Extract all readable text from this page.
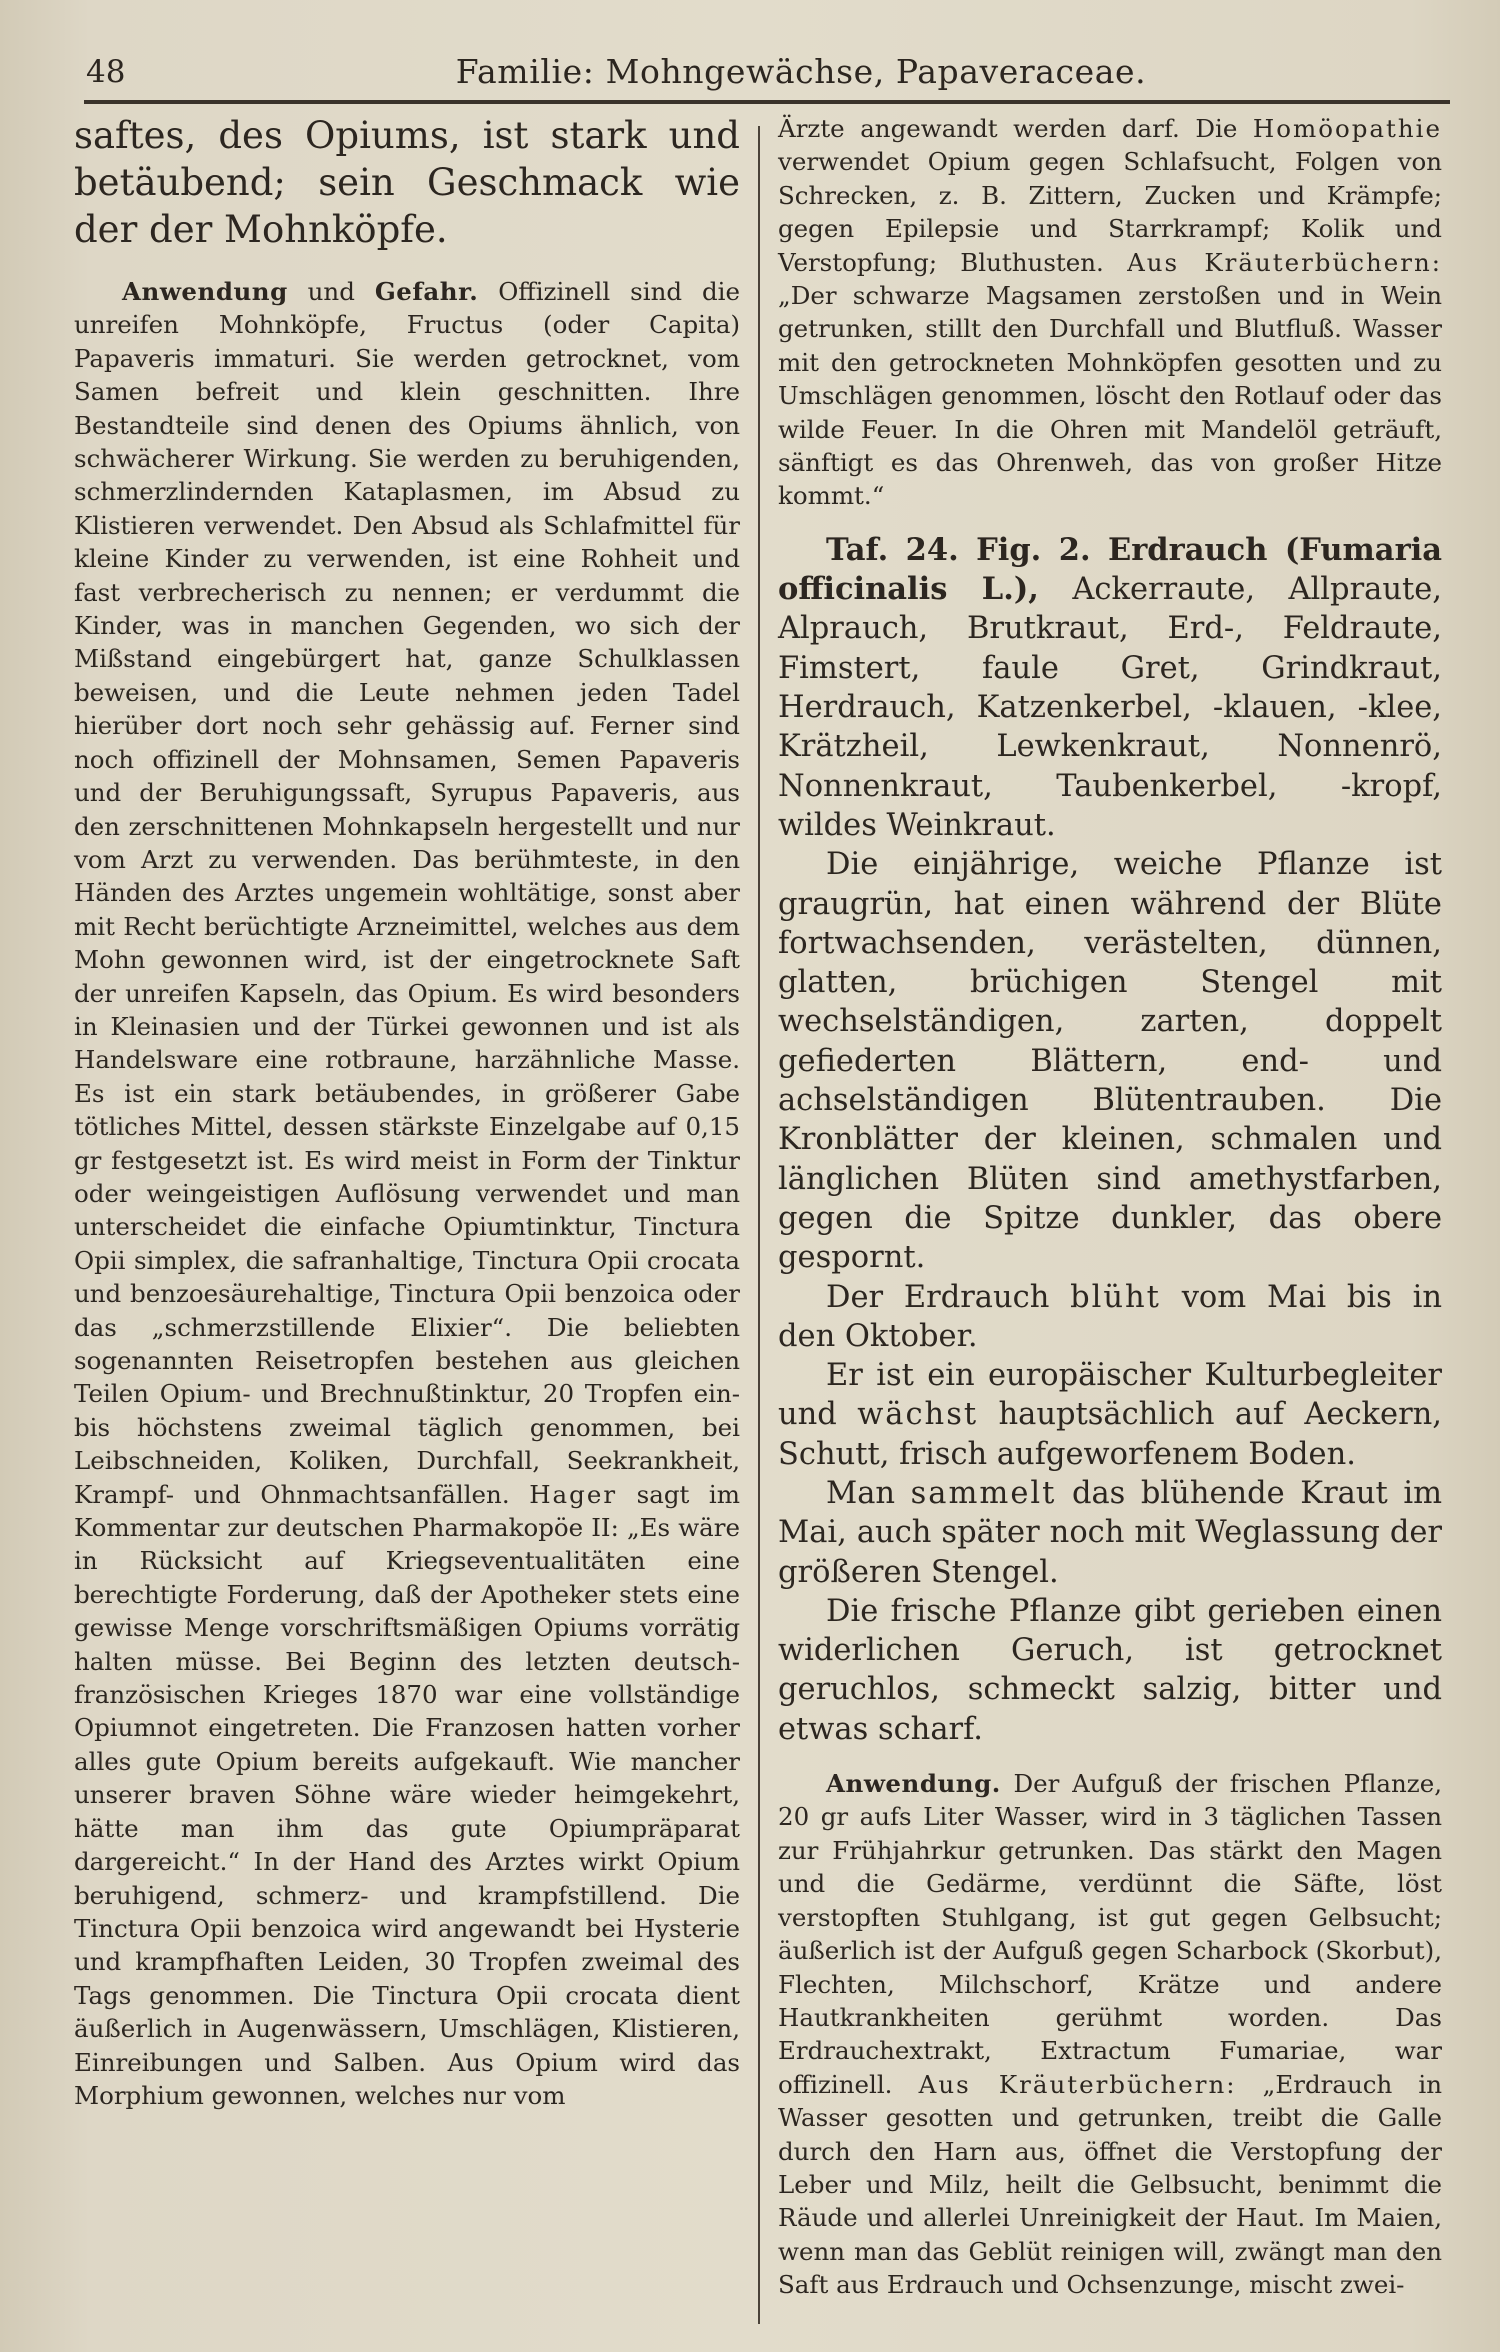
48	Familie: Mohngewächse, Papaveraceae.

saftes, des Opiums, ist stark und betäubend; sein Geschmack wie der der Mohnköpfe.

Anwendung und Gefahr. Offizinell sind die unreifen Mohnköpfe, Fructus (oder Capita) Papaveris immaturi. Sie werden getrocknet, vom Samen befreit und klein geschnitten. Ihre Bestandteile sind denen des Opiums ähnlich, von schwächerer Wirkung. Sie werden zu beruhigenden, schmerzlindernden Kataplasmen, im Absud zu Klistieren verwendet. Den Absud als Schlafmittel für kleine Kinder zu verwenden, ist eine Rohheit und fast verbrecherisch zu nennen; er verdummt die Kinder, was in manchen Gegenden, wo sich der Mißstand eingebürgert hat, ganze Schulklassen beweisen, und die Leute nehmen jeden Tadel hierüber dort noch sehr gehässig auf. Ferner sind noch offizinell der Mohnsamen, Semen Papaveris und der Beruhigungssaft, Syrupus Papaveris, aus den zerschnittenen Mohnkapseln hergestellt und nur vom Arzt zu verwenden. Das berühmteste, in den Händen des Arztes ungemein wohltätige, sonst aber mit Recht berüchtigte Arzneimittel, welches aus dem Mohn gewonnen wird, ist der eingetrocknete Saft der unreifen Kapseln, das Opium. Es wird besonders in Kleinasien und der Türkei gewonnen und ist als Handelsware eine rotbraune, harzähnliche Masse. Es ist ein stark betäubendes, in größerer Gabe tötliches Mittel, dessen stärkste Einzelgabe auf 0,15 gr festgesetzt ist. Es wird meist in Form der Tinktur oder weingeistigen Auflösung verwendet und man unterscheidet die einfache Opiumtinktur, Tinctura Opii simplex, die safranhaltige, Tinctura Opii crocata und benzoesäurehaltige, Tinctura Opii benzoica oder das „schmerzstillende Elixier“. Die beliebten sogenannten Reisetropfen bestehen aus gleichen Teilen Opium- und Brechnußtinktur, 20 Tropfen ein- bis höchstens zweimal täglich genommen, bei Leibschneiden, Koliken, Durchfall, Seekrankheit, Krampf- und Ohnmachtsanfällen. Hager sagt im Kommentar zur deutschen Pharmakopöe II: „Es wäre in Rücksicht auf Kriegseventualitäten eine berechtigte Forderung, daß der Apotheker stets eine gewisse Menge vorschriftsmäßigen Opiums vorrätig halten müsse. Bei Beginn des letzten deutsch-französischen Krieges 1870 war eine vollständige Opiumnot eingetreten. Die Franzosen hatten vorher alles gute Opium bereits aufgekauft. Wie mancher unserer braven Söhne wäre wieder heimgekehrt, hätte man ihm das gute Opiumpräparat dargereicht.“ In der Hand des Arztes wirkt Opium beruhigend, schmerz- und krampfstillend. Die Tinctura Opii benzoica wird angewandt bei Hysterie und krampfhaften Leiden, 30 Tropfen zweimal des Tags genommen. Die Tinctura Opii crocata dient äußerlich in Augenwässern, Umschlägen, Klistieren, Einreibungen und Salben. Aus Opium wird das Morphium gewonnen, welches nur vom

Ärzte angewandt werden darf. Die Homöopathie verwendet Opium gegen Schlafsucht, Folgen von Schrecken, z. B. Zittern, Zucken und Krämpfe; gegen Epilepsie und Starrkrampf; Kolik und Verstopfung; Bluthusten. Aus Kräuterbüchern: „Der schwarze Magsamen zerstoßen und in Wein getrunken, stillt den Durchfall und Blutfluß. Wasser mit den getrockneten Mohnköpfen gesotten und zu Umschlägen genommen, löscht den Rotlauf oder das wilde Feuer. In die Ohren mit Mandelöl geträuft, sänftigt es das Ohrenweh, das von großer Hitze kommt.“

Taf. 24. Fig. 2. Erdrauch (Fumaria officinalis L.), Ackerraute, Allpraute, Alprauch, Brutkraut, Erd-, Feldraute, Fimstert, faule Gret, Grindkraut, Herdrauch, Katzenkerbel, -klauen, -klee, Krätzheil, Lewkenkraut, Nonnenrö, Nonnenkraut, Taubenkerbel, -kropf, wildes Weinkraut.

Die einjährige, weiche Pflanze ist graugrün, hat einen während der Blüte fortwachsenden, verästelten, dünnen, glatten, brüchigen Stengel mit wechselständigen, zarten, doppelt gefiederten Blättern, end- und achselständigen Blütentrauben. Die Kronblätter der kleinen, schmalen und länglichen Blüten sind amethystfarben, gegen die Spitze dunkler, das obere gespornt.

Der Erdrauch blüht vom Mai bis in den Oktober.

Er ist ein europäischer Kulturbegleiter und wächst hauptsächlich auf Aeckern, Schutt, frisch aufgeworfenem Boden.

Man sammelt das blühende Kraut im Mai, auch später noch mit Weglassung der größeren Stengel.

Die frische Pflanze gibt gerieben einen widerlichen Geruch, ist getrocknet geruchlos, schmeckt salzig, bitter und etwas scharf.

Anwendung. Der Aufguß der frischen Pflanze, 20 gr aufs Liter Wasser, wird in 3 täglichen Tassen zur Frühjahrkur getrunken. Das stärkt den Magen und die Gedärme, verdünnt die Säfte, löst verstopften Stuhlgang, ist gut gegen Gelbsucht; äußerlich ist der Aufguß gegen Scharbock (Skorbut), Flechten, Milchschorf, Krätze und andere Hautkrankheiten gerühmt worden. Das Erdrauchextrakt, Extractum Fumariae, war offizinell. Aus Kräuterbüchern: „Erdrauch in Wasser gesotten und getrunken, treibt die Galle durch den Harn aus, öffnet die Verstopfung der Leber und Milz, heilt die Gelbsucht, benimmt die Räude und allerlei Unreinigkeit der Haut. Im Maien, wenn man das Geblüt reinigen will, zwängt man den Saft aus Erdrauch und Ochsenzunge, mischt zwei-
